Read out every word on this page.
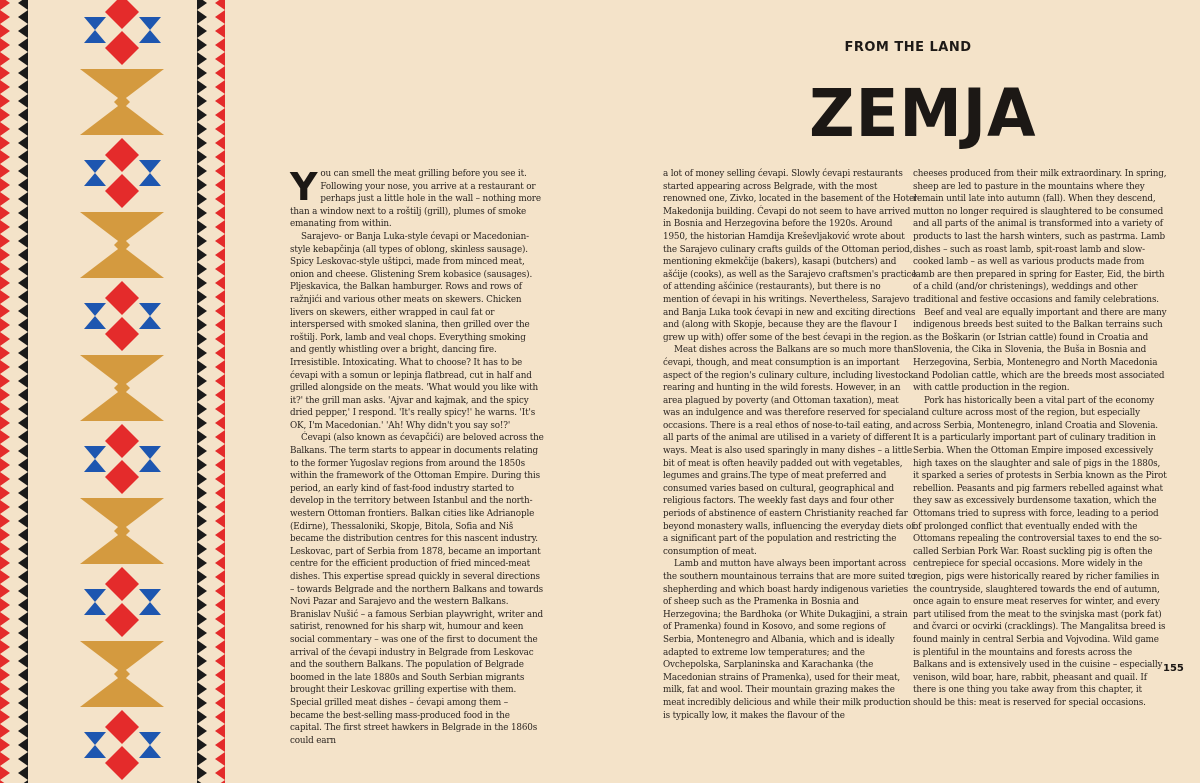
FROM THE LAND
ZEMJA
Y ou can smell the meat grilling before you see it. Following your nose, you arrive at a restaurant or perhaps just a little hole in the wall – nothing more than a window next to a roštilj (grill), plumes of smoke emanating from within.

Sarajevo- or Banja Luka-style ćevapi or Macedonian-style kebapčinja (all types of oblong, skinless sausage). Spicy Leskovac-style uštipci, made from minced meat, onion and cheese. Glistening Srem kobasice (sausages). Pljeskavica, the Balkan hamburger. Rows and rows of ražnjići and various other meats on skewers. Chicken livers on skewers, either wrapped in caul fat or interspersed with smoked slanina, then grilled over the roštilj. Pork, lamb and veal chops. Everything smoking and gently whistling over a bright, dancing fire. Irresistible. Intoxicating. What to choose? It has to be ćevapi with a somun or lepinja flatbread, cut in half and grilled alongside on the meats. 'What would you like with it?' the grill man asks. 'Ajvar and kajmak, and the spicy dried pepper,' I respond. 'It's really spicy!' he warns. 'It's OK, I'm Macedonian.' 'Ah! Why didn't you say so!?'

Ćevapi (also known as ćevapčići) are beloved across the Balkans. The term starts to appear in documents relating to the former Yugoslav regions from around the 1850s within the framework of the Ottoman Empire. During this period, an early kind of fast-food industry started to develop in the territory between Istanbul and the north-western Ottoman frontiers. Balkan cities like Adrianople (Edirne), Thessaloniki, Skopje, Bitola, Sofia and Niš became the distribution centres for this nascent industry. Leskovac, part of Serbia from 1878, became an important centre for the efficient production of fried minced-meat dishes. This expertise spread quickly in several directions – towards Belgrade and the northern Balkans and towards Novi Pazar and Sarajevo and the western Balkans. Branislav Nušić – a famous Serbian playwright, writer and satirist, renowned for his sharp wit, humour and keen social commentary – was one of the first to document the arrival of the ćevapi industry in Belgrade from Leskovac and the southern Balkans. The population of Belgrade boomed in the late 1880s and South Serbian migrants brought their Leskovac grilling expertise with them. Special grilled meat dishes – ćevapi among them – became the best-selling mass-produced food in the capital. The first street hawkers in Belgrade in the 1860s could earn

a lot of money selling ćevapi. Slowly ćevapi restaurants started appearing across Belgrade, with the most renowned one, Zivko, located in the basement of the Hotel Makedonija building. Ćevapi do not seem to have arrived in Bosnia and Herzegovina before the 1920s. Around 1950, the historian Hamdija Kreševljaković wrote about the Sarajevo culinary crafts guilds of the Ottoman period, mentioning ekmekčije (bakers), kasapi (butchers) and ašćije (cooks), as well as the Sarajevo craftsmen's practice of attending ašćinice (restaurants), but there is no mention of ćevapi in his writings. Nevertheless, Sarajevo and Banja Luka took ćevapi in new and exciting directions and (along with Skopje, because they are the flavour I grew up with) offer some of the best ćevapi in the region.

Meat dishes across the Balkans are so much more than ćevapi, though, and meat consumption is an important aspect of the region's culinary culture, including livestock rearing and hunting in the wild forests. However, in an area plagued by poverty (and Ottoman taxation), meat was an indulgence and was therefore reserved for special occasions. There is a real ethos of nose-to-tail eating, and all parts of the animal are utilised in a variety of different ways. Meat is also used sparingly in many dishes – a little bit of meat is often heavily padded out with vegetables, legumes and grains.The type of meat preferred and consumed varies based on cultural, geographical and religious factors. The weekly fast days and four other periods of abstinence of eastern Christianity reached far beyond monastery walls, influencing the everyday diets of a significant part of the population and restricting the consumption of meat.

Lamb and mutton have always been important across the southern mountainous terrains that are more suited to shepherding and which boast hardy indigenous varieties of sheep such as the Pramenka in Bosnia and Herzegovina; the Bardhoka (or White Dukagjini, a strain of Pramenka) found in Kosovo, and some regions of Serbia, Montenegro and Albania, which and is ideally adapted to extreme low temperatures; and the Ovchepolska, Sarplaninska and Karachanka (the Macedonian strains of Pramenka), used for their meat, milk, fat and wool. Their mountain grazing makes the meat incredibly delicious and while their milk production is typically low, it makes the flavour of the

cheeses produced from their milk extraordinary. In spring, sheep are led to pasture in the mountains where they remain until late into autumn (fall). When they descend, mutton no longer required is slaughtered to be consumed and all parts of the animal is transformed into a variety of products to last the harsh winters, such as pastrma. Lamb dishes – such as roast lamb, spit-roast lamb and slow-cooked lamb – as well as various products made from lamb are then prepared in spring for Easter, Eid, the birth of a child (and/or christenings), weddings and other traditional and festive occasions and family celebrations.

Beef and veal are equally important and there are many indigenous breeds best suited to the Balkan terrains such as the Boškarin (or Istrian cattle) found in Croatia and Slovenia, the Cika in Slovenia, the Buša in Bosnia and Herzegovina, Serbia, Montenegro and North Macedonia and Podolian cattle, which are the breeds most associated with cattle production in the region.

Pork has historically been a vital part of the economy and culture across most of the region, but especially across Serbia, Montenegro, inland Croatia and Slovenia. It is a particularly important part of culinary tradition in Serbia. When the Ottoman Empire imposed excessively high taxes on the slaughter and sale of pigs in the 1880s, it sparked a series of protests in Serbia known as the Pirot rebellion. Peasants and pig farmers rebelled against what they saw as excessively burdensome taxation, which the Ottomans tried to supress with force, leading to a period of prolonged conflict that eventually ended with the Ottomans repealing the controversial taxes to end the so-called Serbian Pork War. Roast suckling pig is often the centrepiece for special occasions. More widely in the region, pigs were historically reared by richer families in the countryside, slaughtered towards the end of autumn, once again to ensure meat reserves for winter, and every part utilised from the meat to the svinjska mast (pork fat) and čvarci or ocvirki (cracklings). The Mangalitsa breed is found mainly in central Serbia and Vojvodina. Wild game is plentiful in the mountains and forests across the Balkans and is extensively used in the cuisine – especially venison, wild boar, hare, rabbit, pheasant and quail. If there is one thing you take away from this chapter, it should be this: meat is reserved for special occasions.

155
